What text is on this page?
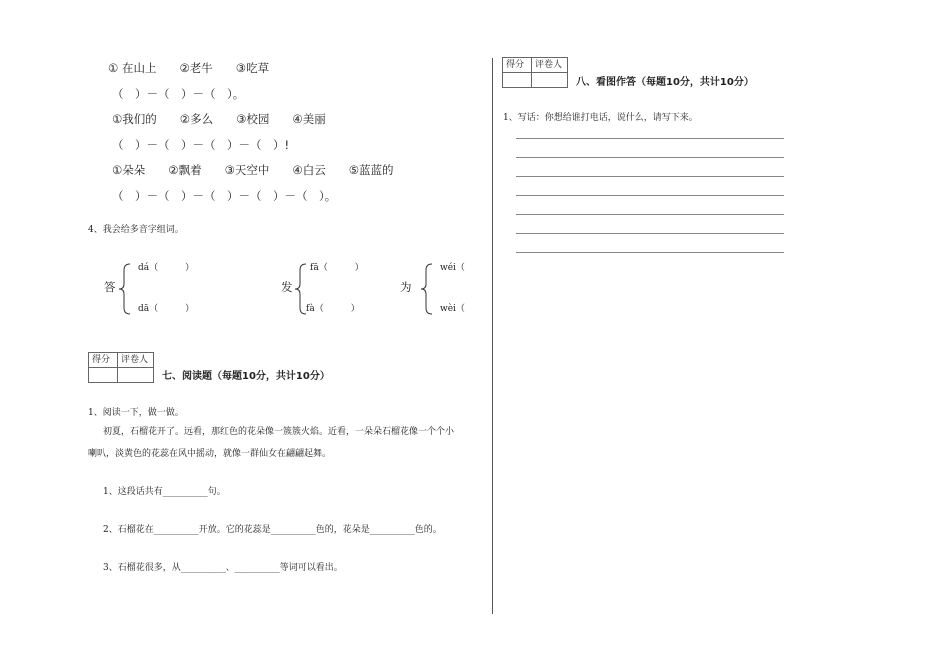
① 在山上　　②老牛　　③吃草
（　）－（　）－（　）。
①我们的　　②多么　　③校园　　④美丽
（　）－（　）－（　）－（　）!
①朵朵　　②飘着　　③天空中　　④白云　　⑤蓝蓝的
（　）－（　）－（　）－（　）－（　）。
4、我会给多音字组词。
答
dá（　　　）
dā（　　　）
发
fā（　　　）
fà（　　　）
为
wéi（
wèi（
得分	评卷人
七、阅读题（每题10分，共计10分）
1、阅读一下，做一做。
初夏，石榴花开了。远看，那红色的花朵像一簇簇火焰。近看，一朵朵石榴花像一个个小
喇叭，淡黄色的花蕊在风中摇动，就像一群仙女在翩翩起舞。
1、这段话共有__________句。
2、石榴花在__________开放。它的花蕊是__________色的，花朵是__________色的。
3、石榴花很多，从__________、__________等词可以看出。
得分	评卷人
八、看图作答（每题10分，共计10分）
1、写话：你想给谁打电话，说什么，请写下来。
